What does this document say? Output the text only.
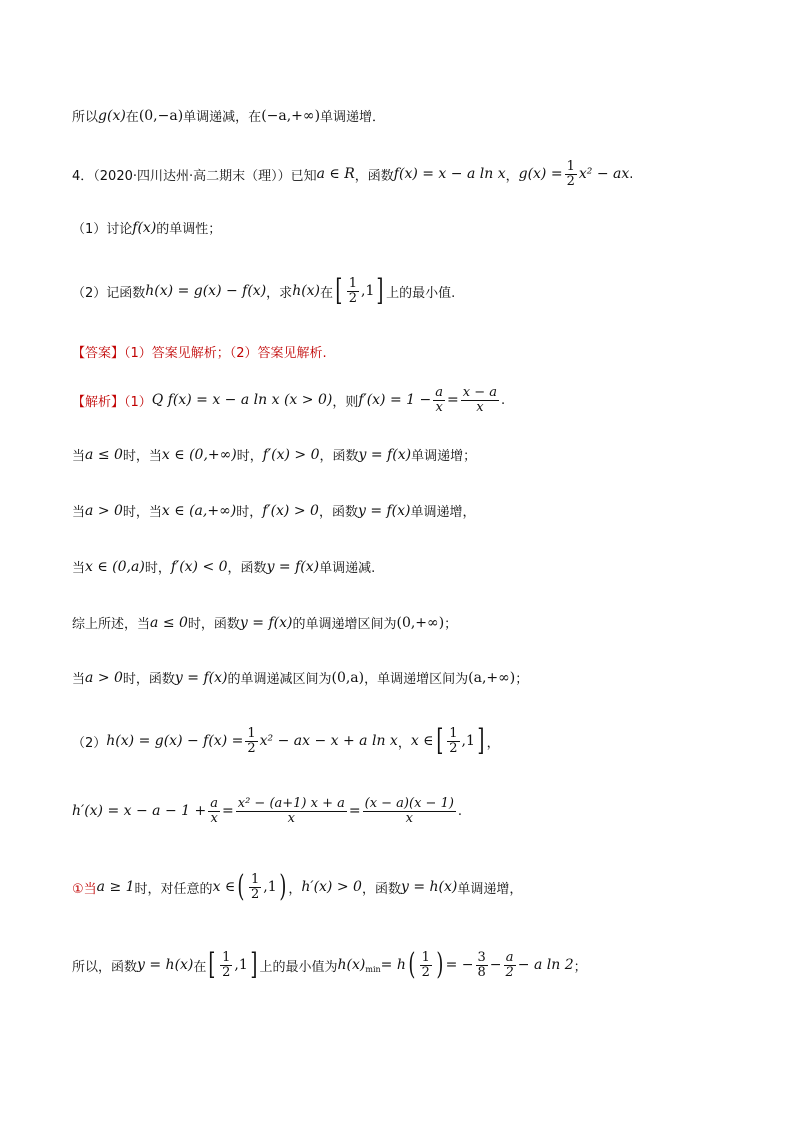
所以 g(x) 在 (0,−a) 单调递减，在 (−a,+∞) 单调递增．
4．（2020·四川达州·高二期末（理））已知 a ∈ R ，函数 f(x) = x − a ln x ， $g(x) = \frac{1}{2} x^2$ − ax .
（1）讨论 f(x) 的单调性；
（2）记函数 h(x) = g(x) − f(x) ，求 h(x) 在 [ $\frac{1}{2} ,1$ ] 上的最小值.
【答案】（1）答案见解析；（2）答案见解析.
【解析】（1） Q f(x) = x − a ln x (x > 0) ，则 $f'(x) = 1 - \frac{a}{x} = \frac{x - a}{x}$ .
当 a ≤ 0 时，当 x ∈ (0,+∞) 时， f′(x) > 0 ，函数 y = f(x) 单调递增；
当 a > 0 时，当 x ∈ (a,+∞) 时， f′(x) > 0 ，函数 y = f(x) 单调递增，
当 x ∈ (0,a) 时， f′(x) < 0 ，函数 y = f(x) 单调递减.
综上所述，当 a ≤ 0 时，函数 y = f(x) 的单调递增区间为 (0,+∞) ；
当 a > 0 时，函数 y = f(x) 的单调递减区间为 (0,a) ，单调递增区间为 (a,+∞) ；
（2） $h(x) = g(x) - f(x) = \frac{1}{2} x^2$ − ax − x + a ln x ， x ∈ [ $\frac{1}{2} ,1$ ] ，
$h'(x) = x - a - 1 + \frac{a}{x} = \frac{\text{x² − (a+1) x + a}}{x} = \frac{(x - a)(x - 1)}{x}$ .
①当 a ≥ 1 时，对任意的 x ∈ ( $\frac{1}{2} ,1$ ) ， h′(x) > 0 ，函数 y = h(x) 单调递增，
所以，函数 y = h(x) 在 [ $\frac{1}{2} ,1$ ] 上的最小值为 $h(x)_{min} = h$ ( $\frac{1}{2}$ ) = − $\frac{3}{8} - \frac{a}{2} - a$ ln 2 ；
